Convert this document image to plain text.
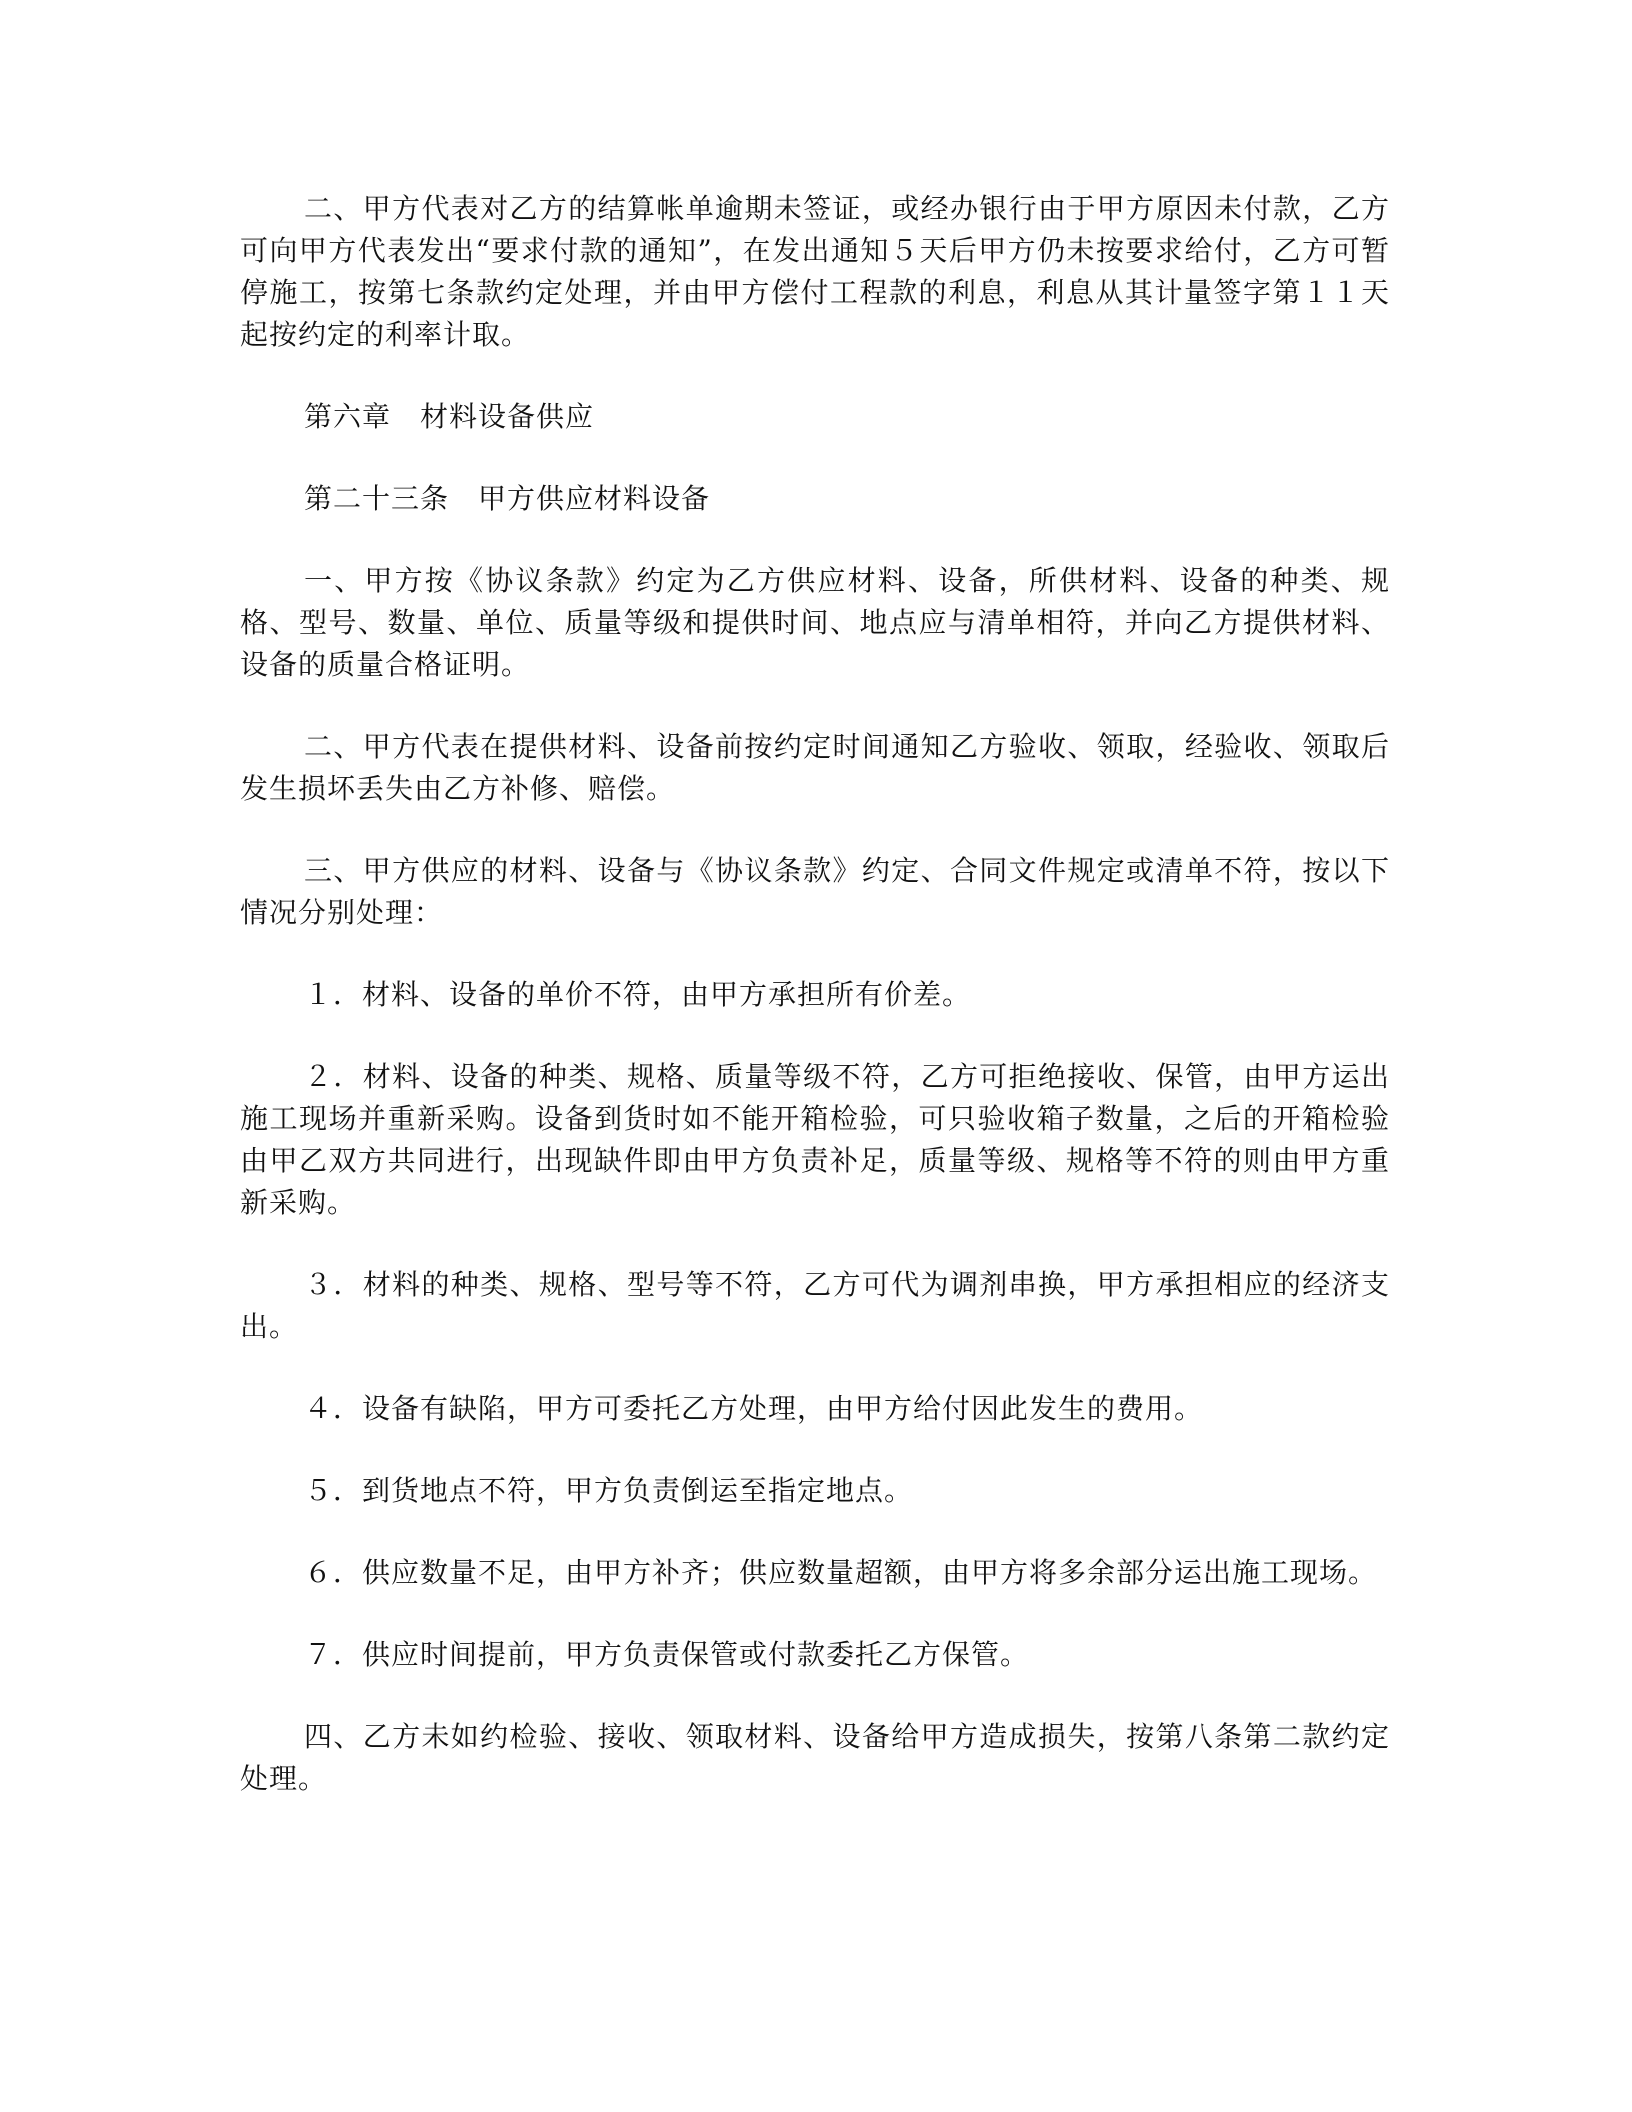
二、甲方代表对乙方的结算帐单逾期未签证，或经办银行由于甲方原因未付款，乙方可向甲方代表发出“要求付款的通知”，在发出通知５天后甲方仍未按要求给付，乙方可暂停施工，按第七条款约定处理，并由甲方偿付工程款的利息，利息从其计量签字第１１天起按约定的利率计取。

第六章　材料设备供应

第二十三条　甲方供应材料设备

一、甲方按《协议条款》约定为乙方供应材料、设备，所供材料、设备的种类、规格、型号、数量、单位、质量等级和提供时间、地点应与清单相符，并向乙方提供材料、设备的质量合格证明。

二、甲方代表在提供材料、设备前按约定时间通知乙方验收、领取，经验收、领取后发生损坏丢失由乙方补修、赔偿。

三、甲方供应的材料、设备与《协议条款》约定、合同文件规定或清单不符，按以下情况分别处理：

１．材料、设备的单价不符，由甲方承担所有价差。

２．材料、设备的种类、规格、质量等级不符，乙方可拒绝接收、保管，由甲方运出施工现场并重新采购。设备到货时如不能开箱检验，可只验收箱子数量，之后的开箱检验由甲乙双方共同进行，出现缺件即由甲方负责补足，质量等级、规格等不符的则由甲方重新采购。

３．材料的种类、规格、型号等不符，乙方可代为调剂串换，甲方承担相应的经济支出。

４．设备有缺陷，甲方可委托乙方处理，由甲方给付因此发生的费用。

５．到货地点不符，甲方负责倒运至指定地点。

６．供应数量不足，由甲方补齐；供应数量超额，由甲方将多余部分运出施工现场。

７．供应时间提前，甲方负责保管或付款委托乙方保管。

四、乙方未如约检验、接收、领取材料、设备给甲方造成损失，按第八条第二款约定处理。
